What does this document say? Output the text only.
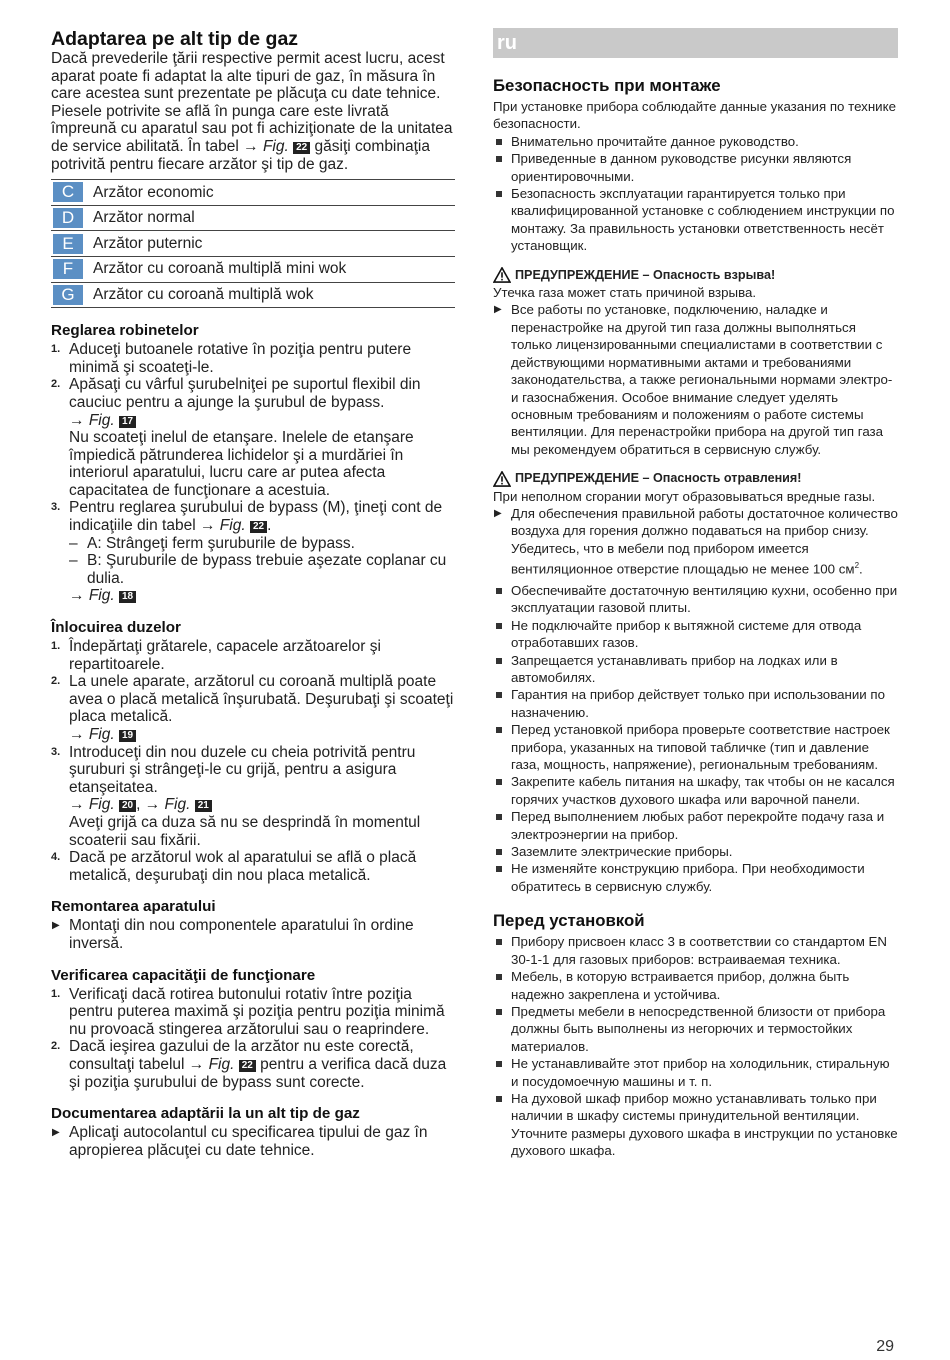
Adaptarea pe alt tip de gaz

Dacă prevederile ţării respective permit acest lucru, acest aparat poate fi adaptat la alte tipuri de gaz, în măsura în care acestea sunt prezentate pe plăcuţa cu date tehnice.

Piesele potrivite se află în punga care este livrată împreună cu aparatul sau pot fi achiziţionate de la unitatea de service abilitată. În tabel → Fig. 22 găsiţi combinaţia potrivită pentru fiecare arzător şi tip de gaz.

C	Arzător economic
D	Arzător normal
E	Arzător puternic
F	Arzător cu coroană multiplă mini wok
G	Arzător cu coroană multiplă wok
Reglarea robinetelor
1. Aduceţi butoanele rotative în poziţia pentru putere minimă şi scoateţi-le.
2. Apăsaţi cu vârful şurubelniţei pe suportul flexibil din cauciuc pentru a ajunge la şurubul de bypass.
→ Fig. 17
Nu scoateţi inelul de etanşare. Inelele de etanşare împiedică pătrunderea lichidelor şi a murdăriei în interiorul aparatului, lucru care ar putea afecta capacitatea de funcţionare a acestuia.
3. Pentru reglarea şurubului de bypass (M), ţineţi cont de indicaţiile din tabel → Fig. 22 .
– A: Strângeţi ferm şuruburile de bypass.
– B: Şuruburile de bypass trebuie aşezate coplanar cu dulia.
→ Fig. 18
Înlocuirea duzelor
1. Îndepărtaţi grătarele, capacele arzătoarelor şi repartitoarele.
2. La unele aparate, arzătorul cu coroană multiplă poate avea o placă metalică înşurubată. Deşurubaţi şi scoateţi placa metalică.
→ Fig. 19
3. Introduceţi din nou duzele cu cheia potrivită pentru şuruburi şi strângeţi-le cu grijă, pentru a asigura etanşeitatea.
→ Fig. 20 , → Fig. 21
Aveţi grijă ca duza să nu se desprindă în momentul scoaterii sau fixării.
4. Dacă pe arzătorul wok al aparatului se află o placă metalică, deşurubaţi din nou placa metalică.
Remontarea aparatului
▶ Montaţi din nou componentele aparatului în ordine inversă.
Verificarea capacităţii de funcţionare
1. Verificaţi dacă rotirea butonului rotativ între poziţia pentru puterea maximă şi poziţia pentru poziţia minimă nu provoacă stingerea arzătorului sau o reaprindere.
2. Dacă ieşirea gazului de la arzător nu este corectă, consultaţi tabelul → Fig. 22 pentru a verifica dacă duza şi poziţia şurubului de bypass sunt corecte.
Documentarea adaptării la un alt tip de gaz
▶ Aplicaţi autocolantul cu specificarea tipului de gaz în apropierea plăcuţei cu date tehnice.
ru
Безопасность при монтаже

При установке прибора соблюдайте данные указания по технике безопасности.

Внимательно прочитайте данное руководство.
Приведенные в данном руководстве рисунки являются ориентировочными.
Безопасность эксплуатации гарантируется только при квалифицированной установке с соблюдением инструкции по монтажу. За правильность установки ответственность несёт установщик.
ПРЕДУПРЕЖДЕНИЕ – Опасность взрыва!

Утечка газа может стать причиной взрыва.

▶ Все работы по установке, подключению, наладке и перенастройке на другой тип газа должны выполняться только лицензированными специалистами в соответствии с действующими нормативными актами и требованиями законодательства, а также региональными нормами электро- и газоснабжения. Особое внимание следует уделять основным требованиям и положениям о работе системы вентиляции. Для перенастройки прибора на другой тип газа мы рекомендуем обратиться в сервисную службу.
ПРЕДУПРЕЖДЕНИЕ – Опасность отравления!

При неполном сгорании могут образовываться вредные газы.

▶ Для обеспечения правильной работы достаточное количество воздуха для горения должно подаваться на прибор снизу. Убедитесь, что в мебели под прибором имеется вентиляционное отверстие площадью не менее 100 $см^2$.
Обеспечивайте достаточную вентиляцию кухни, особенно при эксплуатации газовой плиты.
Не подключайте прибор к вытяжной системе для отвода отработавших газов.
Запрещается устанавливать прибор на лодках или в автомобилях.
Гарантия на прибор действует только при использовании по назначению.
Перед установкой прибора проверьте соответствие настроек прибора, указанных на типовой табличке (тип и давление газа, мощность, напряжение), региональным требованиям.
Закрепите кабель питания на шкафу, так чтобы он не касался горячих участков духового шкафа или варочной панели.
Перед выполнением любых работ перекройте подачу газа и электроэнергии на прибор.
Заземлите электрические приборы.
Не изменяйте конструкцию прибора. При необходимости обратитесь в сервисную службу.
Перед установкой
Прибору присвоен класс 3 в соответствии со стандартом EN 30-1-1 для газовых приборов: встраиваемая техника.
Мебель, в которую встраивается прибор, должна быть надежно закреплена и устойчива.
Предметы мебели в непосредственной близости от прибора должны быть выполнены из негорючих и термостойких материалов.
Не устанавливайте этот прибор на холодильник, стиральную и посудомоечную машины и т. п.
На духовой шкаф прибор можно устанавливать только при наличии в шкафу системы принудительной вентиляции. Уточните размеры духового шкафа в инструкции по установке духового шкафа.
29
